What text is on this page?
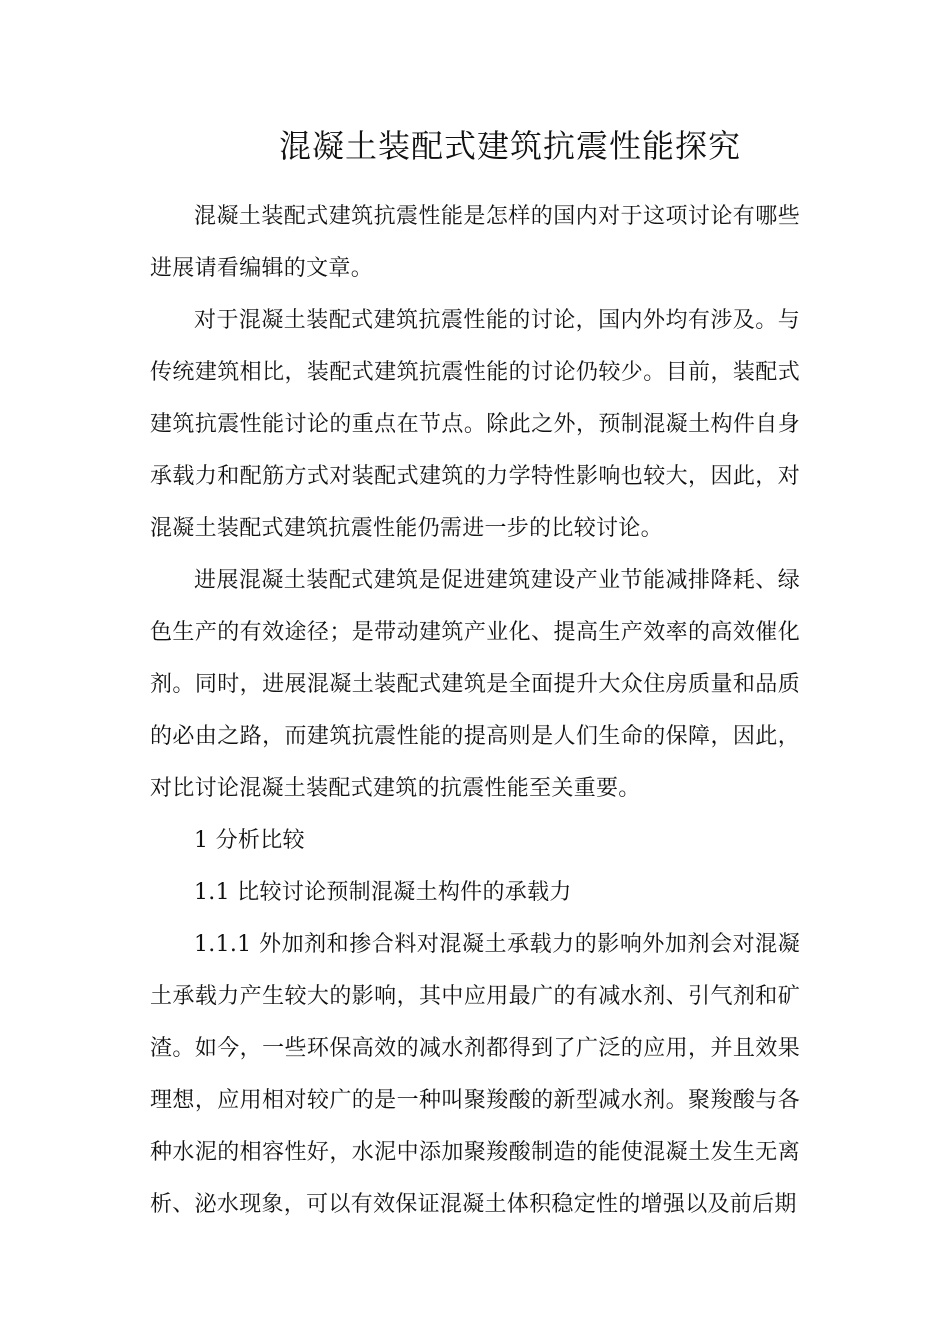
混凝土装配式建筑抗震性能探究

混凝土装配式建筑抗震性能是怎样的国内对于这项讨论有哪些进展请看编辑的文章。

对于混凝土装配式建筑抗震性能的讨论，国内外均有涉及。与传统建筑相比，装配式建筑抗震性能的讨论仍较少。目前，装配式建筑抗震性能讨论的重点在节点。除此之外，预制混凝土构件自身承载力和配筋方式对装配式建筑的力学特性影响也较大，因此，对混凝土装配式建筑抗震性能仍需进一步的比较讨论。

进展混凝土装配式建筑是促进建筑建设产业节能减排降耗、绿色生产的有效途径；是带动建筑产业化、提高生产效率的高效催化剂。同时，进展混凝土装配式建筑是全面提升大众住房质量和品质的必由之路，而建筑抗震性能的提高则是人们生命的保障，因此，对比讨论混凝土装配式建筑的抗震性能至关重要。

1 分析比较

1.1 比较讨论预制混凝土构件的承载力

1.1.1 外加剂和掺合料对混凝土承载力的影响外加剂会对混凝土承载力产生较大的影响，其中应用最广的有减水剂、引气剂和矿渣。如今，一些环保高效的减水剂都得到了广泛的应用，并且效果理想，应用相对较广的是一种叫聚羧酸的新型减水剂。聚羧酸与各种水泥的相容性好，水泥中添加聚羧酸制造的能使混凝土发生无离析、泌水现象，可以有效保证混凝土体积稳定性的增强以及前后期
